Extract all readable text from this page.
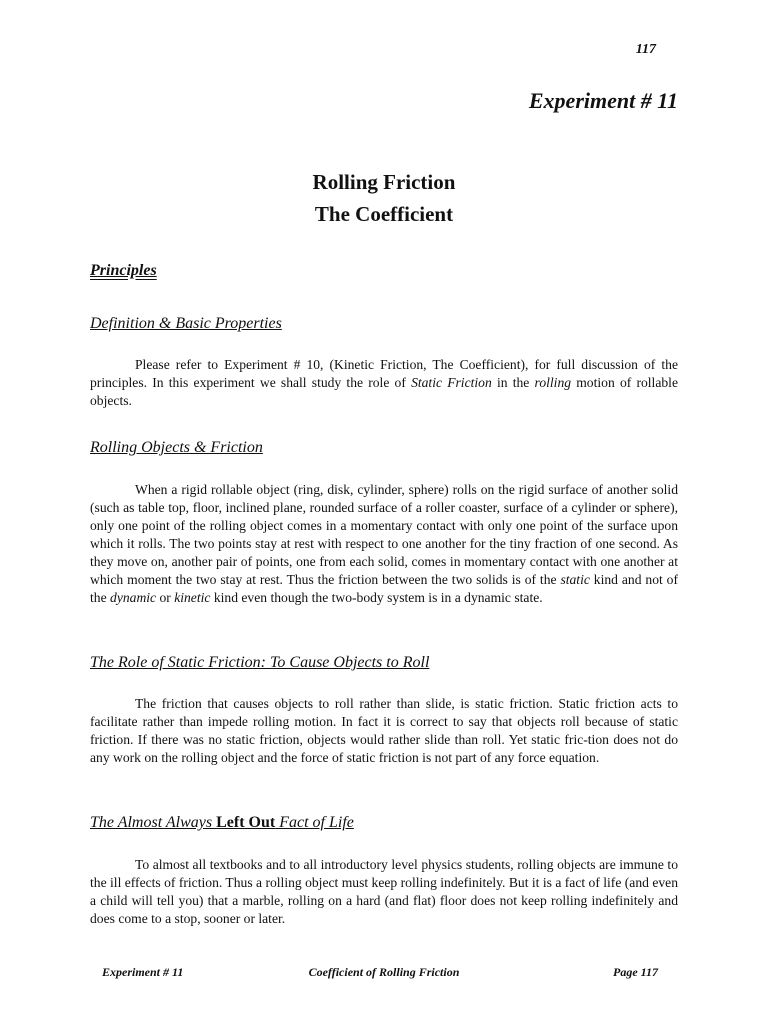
117
Experiment # 11
Rolling Friction
The Coefficient
Principles
Definition & Basic Properties

Please refer to Experiment # 10, (Kinetic Friction, The Coefficient), for full discussion of the principles. In this experiment we shall study the role of Static Friction in the rolling motion of rollable objects.

Rolling Objects & Friction

When a rigid rollable object (ring, disk, cylinder, sphere) rolls on the rigid surface of another solid (such as table top, floor, inclined plane, rounded surface of a roller coaster, surface of a cylinder or sphere), only one point of the rolling object comes in a momentary contact with only one point of the surface upon which it rolls. The two points stay at rest with respect to one another for the tiny fraction of one second. As they move on, another pair of points, one from each solid, comes in momentary contact with one another at which moment the two stay at rest. Thus the friction between the two solids is of the static kind and not of the dynamic or kinetic kind even though the two-body system is in a dynamic state.

The Role of Static Friction: To Cause Objects to Roll

The friction that causes objects to roll rather than slide, is static friction. Static friction acts to facilitate rather than impede rolling motion. In fact it is correct to say that objects roll because of static friction. If there was no static friction, objects would rather slide than roll. Yet static fric-tion does not do any work on the rolling object and the force of static friction is not part of any force equation.

The Almost Always Left Out Fact of Life

To almost all textbooks and to all introductory level physics students, rolling objects are immune to the ill effects of friction. Thus a rolling object must keep rolling indefinitely. But it is a fact of life (and even a child will tell you) that a marble, rolling on a hard (and flat) floor does not keep rolling indefinitely and does come to a stop, sooner or later.

Experiment # 11	Coefficient of Rolling Friction	Page 117
